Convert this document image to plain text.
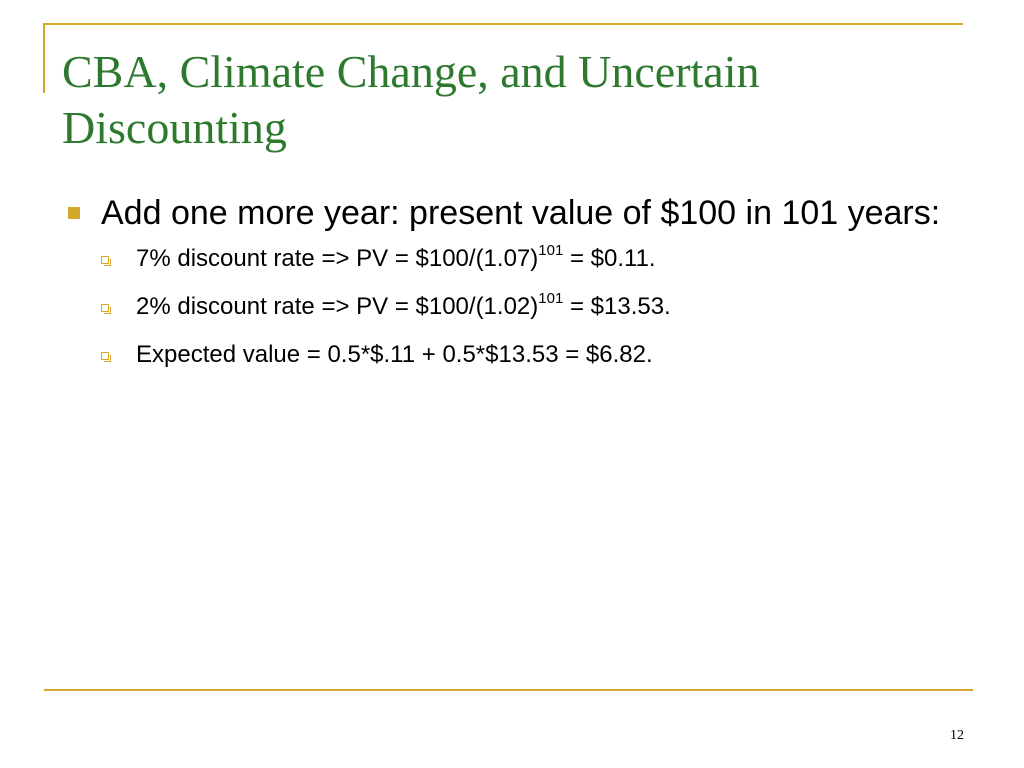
CBA, Climate Change, and Uncertain Discounting
Add one more year: present value of $100 in 101 years:
7% discount rate => PV = $\$100/(1.07)^{101}$ = $0.11.
2% discount rate => PV = $\$100/(1.02)^{101}$ = $13.53.
Expected value = 0.5*$.11 + 0.5*$13.53 = $6.82.
12
